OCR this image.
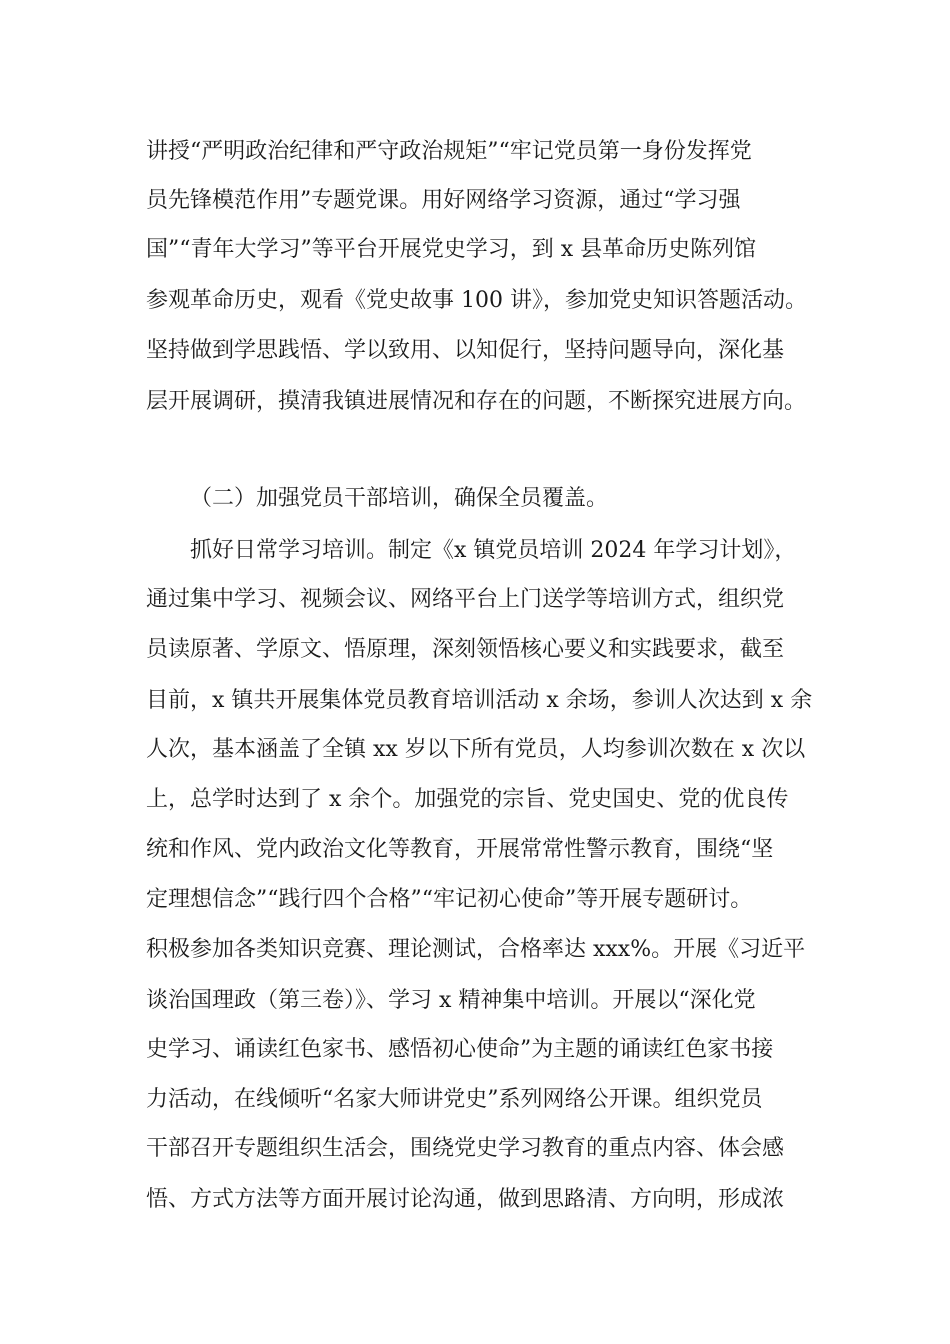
讲授“严明政治纪律和严守政治规矩”“牢记党员第一身份发挥党

员先锋模范作用”专题党课。用好网络学习资源，通过“学习强

国”“青年大学习”等平台开展党史学习，到 x 县革命历史陈列馆

参观革命历史，观看《党史故事 100 讲》，参加党史知识答题活动。

坚持做到学思践悟、学以致用、以知促行，坚持问题导向，深化基

层开展调研，摸清我镇进展情况和存在的问题，不断探究进展方向。

（二）加强党员干部培训，确保全员覆盖。

抓好日常学习培训。制定《x 镇党员培训 2024 年学习计划》，

通过集中学习、视频会议、网络平台上门送学等培训方式，组织党

员读原著、学原文、悟原理，深刻领悟核心要义和实践要求，截至

目前，x 镇共开展集体党员教育培训活动 x 余场，参训人次达到 x 余

人次，基本涵盖了全镇 xx 岁以下所有党员，人均参训次数在 x 次以

上，总学时达到了 x 余个。加强党的宗旨、党史国史、党的优良传

统和作风、党内政治文化等教育，开展常常性警示教育，围绕“坚

定理想信念”“践行四个合格”“牢记初心使命”等开展专题研讨。

积极参加各类知识竞赛、理论测试，合格率达 xxx%。开展《习近平

谈治国理政（第三卷）》、学习 x 精神集中培训。开展以“深化党

史学习、诵读红色家书、感悟初心使命”为主题的诵读红色家书接

力活动，在线倾听“名家大师讲党史”系列网络公开课。组织党员

干部召开专题组织生活会，围绕党史学习教育的重点内容、体会感

悟、方式方法等方面开展讨论沟通，做到思路清、方向明，形成浓
